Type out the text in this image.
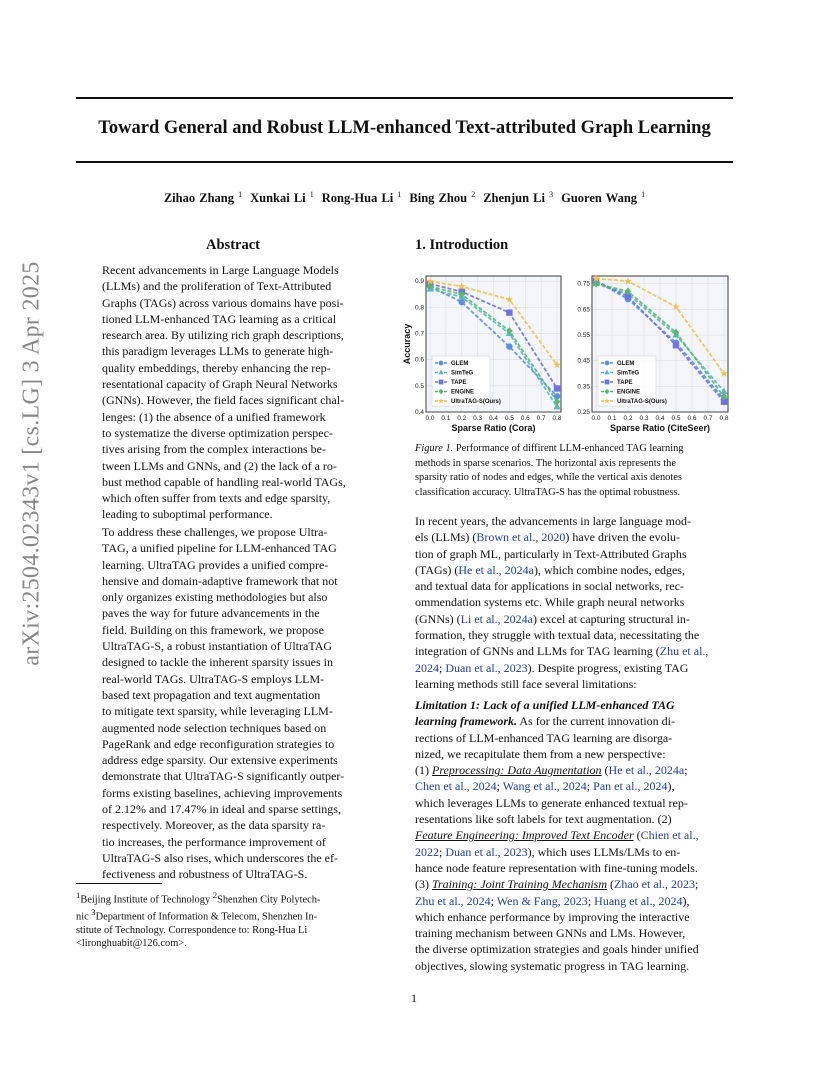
arXiv:2504.02343v1 [cs.LG] 3 Apr 2025
Toward General and Robust LLM-enhanced Text-attributed Graph Learning
Zihao Zhang $^1$ Xunkai Li $^1$ Rong-Hua Li $^1$ Bing Zhou $^2$ Zhenjun Li $^3$ Guoren Wang $^1$
Abstract
Recent advancements in Large Language Models
(LLMs) and the proliferation of Text-Attributed
Graphs (TAGs) across various domains have posi-
tioned LLM-enhanced TAG learning as a critical
research area. By utilizing rich graph descriptions,
this paradigm leverages LLMs to generate high-
quality embeddings, thereby enhancing the rep-
resentational capacity of Graph Neural Networks
(GNNs). However, the field faces significant chal-
lenges: (1) the absence of a unified framework
to systematize the diverse optimization perspec-
tives arising from the complex interactions be-
tween LLMs and GNNs, and (2) the lack of a ro-
bust method capable of handling real-world TAGs,
which often suffer from texts and edge sparsity,
leading to suboptimal performance.
To address these challenges, we propose Ultra-
TAG, a unified pipeline for LLM-enhanced TAG
learning. UltraTAG provides a unified compre-
hensive and domain-adaptive framework that not
only organizes existing methodologies but also
paves the way for future advancements in the
field. Building on this framework, we propose
UltraTAG-S, a robust instantiation of UltraTAG
designed to tackle the inherent sparsity issues in
real-world TAGs. UltraTAG-S employs LLM-
based text propagation and text augmentation
to mitigate text sparsity, while leveraging LLM-
augmented node selection techniques based on
PageRank and edge reconfiguration strategies to
address edge sparsity. Our extensive experiments
demonstrate that UltraTAG-S significantly outper-
forms existing baselines, achieving improvements
of 2.12% and 17.47% in ideal and sparse settings,
respectively. Moreover, as the data sparsity ra-
tio increases, the performance improvement of
UltraTAG-S also rises, which underscores the ef-
fectiveness and robustness of UltraTAG-S.
$^1$Beijing Institute of Technology $^2$Shenzhen City Polytech-
nic $^3$Department of Information & Telecom, Shenzhen In-
stitute of Technology. Correspondence to: Rong-Hua Li
<lironghuabit@126.com>.
1. Introduction
Accuracy
0.0 0.1 0.2 0.3 0.4 0.5 0.6 0.7 0.8
0.4
0.5
0.6
0.7
0.8
0.9
Sparse Ratio (Cora)
GLEM
SimTeG
TAPE
ENGINE
UltraTAG-S(Ours)
0.0 0.1 0.2 0.3 0.4 0.5 0.6 0.7 0.8
0.25
0.35
0.45
0.55
0.65
0.75
Sparse Ratio (CiteSeer)
GLEM
SimTeG
TAPE
ENGINE
UltraTAG-S(Ours)
Figure 1. Performance of diffirent LLM-enhanced TAG learning
methods in sparse scenarios. The horizontal axis represents the
sparsity ratio of nodes and edges, while the vertical axis denotes
classification accuracy. UltraTAG-S has the optimal robustness.
In recent years, the advancements in large language mod-
els (LLMs) (Brown et al., 2020) have driven the evolu-
tion of graph ML, particularly in Text-Attributed Graphs
(TAGs) (He et al., 2024a), which combine nodes, edges,
and textual data for applications in social networks, rec-
ommendation systems etc. While graph neural networks
(GNNs) (Li et al., 2024a) excel at capturing structural in-
formation, they struggle with textual data, necessitating the
integration of GNNs and LLMs for TAG learning (Zhu et al.,
2024; Duan et al., 2023). Despite progress, existing TAG
learning methods still face several limitations:
Limitation 1: Lack of a unified LLM-enhanced TAG
learning framework. As for the current innovation di-
rections of LLM-enhanced TAG learning are disorga-
nized, we recapitulate them from a new perspective:
(1) Preprocessing: Data Augmentation (He et al., 2024a;
Chen et al., 2024; Wang et al., 2024; Pan et al., 2024),
which leverages LLMs to generate enhanced textual rep-
resentations like soft labels for text augmentation. (2)
Feature Engineering: Improved Text Encoder (Chien et al.,
2022; Duan et al., 2023), which uses LLMs/LMs to en-
hance node feature representation with fine-tuning models.
(3) Training: Joint Training Mechanism (Zhao et al., 2023;
Zhu et al., 2024; Wen & Fang, 2023; Huang et al., 2024),
which enhance performance by improving the interactive
training mechanism between GNNs and LMs. However,
the diverse optimization strategies and goals hinder unified
objectives, slowing systematic progress in TAG learning.
1
